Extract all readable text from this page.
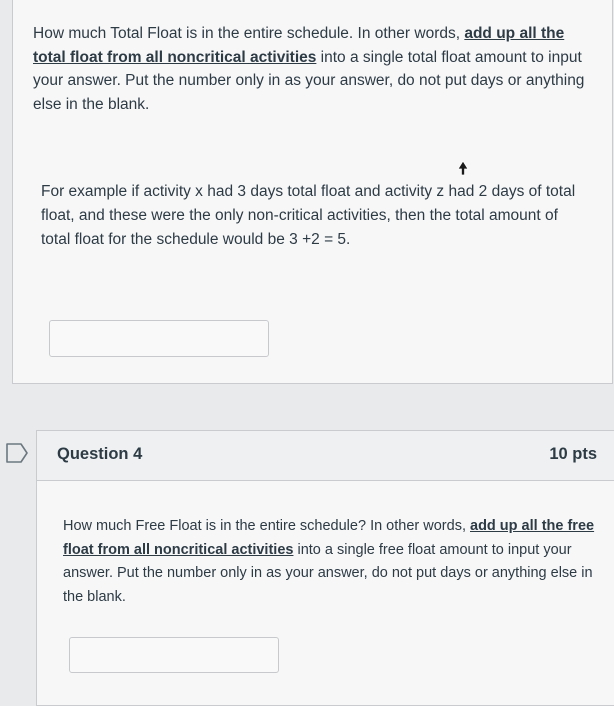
How much Total Float is in the entire schedule. In other words, add up all the total float from all noncritical activities into a single total float amount to input your answer. Put the number only in as your answer, do not put days or anything else in the blank.
For example if activity x had 3 days total float and activity z had 2 days of total float, and these were the only non-critical activities, then the total amount of total float for the schedule would be 3 +2 = 5.
Question 4	10 pts
How much Free Float is in the entire schedule? In other words, add up all the free float from all noncritical activities into a single free float amount to input your answer. Put the number only in as your answer, do not put days or anything else in the blank.
